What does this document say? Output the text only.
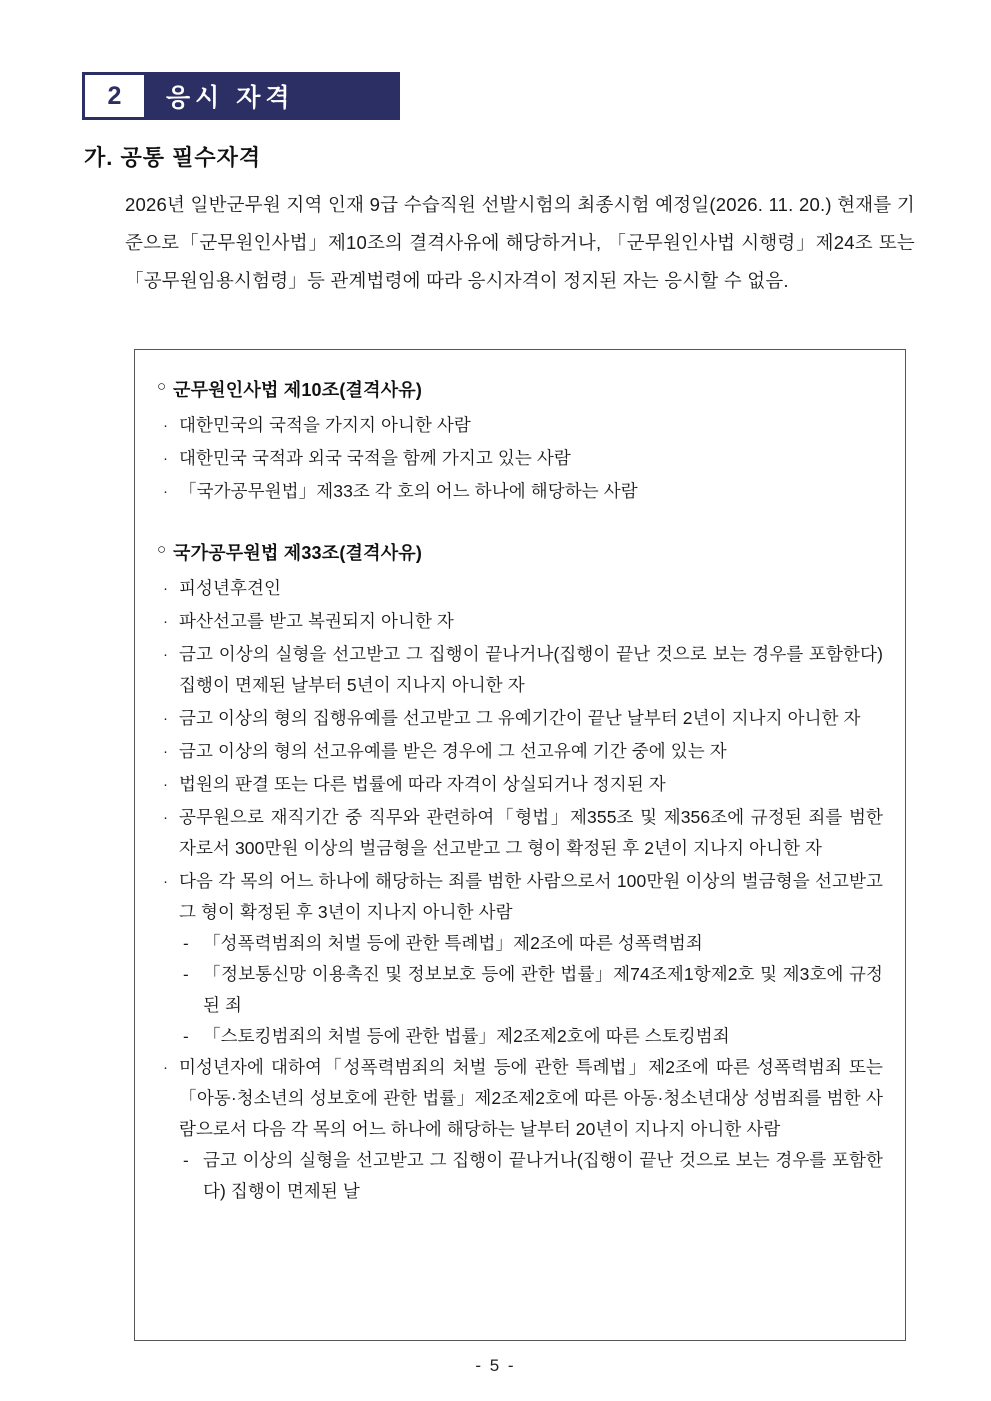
2 응시 자격
가. 공통 필수자격

2026년 일반군무원 지역 인재 9급 수습직원 선발시험의 최종시험 예정일(2026. 11. 20.) 현재를 기준으로「군무원인사법」제10조의 결격사유에 해당하거나, 「군무원인사법 시행령」제24조 또는「공무원임용시험령」등 관계법령에 따라 응시자격이 정지된 자는 응시할 수 없음.

○ 군무원인사법 제10조(결격사유)
· 대한민국의 국적을 가지지 아니한 사람
· 대한민국 국적과 외국 국적을 함께 가지고 있는 사람
· 「국가공무원법」제33조 각 호의 어느 하나에 해당하는 사람
○ 국가공무원법 제33조(결격사유)
· 피성년후견인
· 파산선고를 받고 복권되지 아니한 자
· 금고 이상의 실형을 선고받고 그 집행이 끝나거나(집행이 끝난 것으로 보는 경우를 포함한다) 집행이 면제된 날부터 5년이 지나지 아니한 자
· 금고 이상의 형의 집행유예를 선고받고 그 유예기간이 끝난 날부터 2년이 지나지 아니한 자
· 금고 이상의 형의 선고유예를 받은 경우에 그 선고유예 기간 중에 있는 자
· 법원의 판결 또는 다른 법률에 따라 자격이 상실되거나 정지된 자
· 공무원으로 재직기간 중 직무와 관련하여「형법」제355조 및 제356조에 규정된 죄를 범한 자로서 300만원 이상의 벌금형을 선고받고 그 형이 확정된 후 2년이 지나지 아니한 자
· 다음 각 목의 어느 하나에 해당하는 죄를 범한 사람으로서 100만원 이상의 벌금형을 선고받고 그 형이 확정된 후 3년이 지나지 아니한 사람
- 「성폭력범죄의 처벌 등에 관한 특례법」제2조에 따른 성폭력범죄
- 「정보통신망 이용촉진 및 정보보호 등에 관한 법률」제74조제1항제2호 및 제3호에 규정된 죄
- 「스토킹범죄의 처벌 등에 관한 법률」제2조제2호에 따른 스토킹범죄
· 미성년자에 대하여「성폭력범죄의 처벌 등에 관한 특례법」제2조에 따른 성폭력범죄 또는「아동·청소년의 성보호에 관한 법률」제2조제2호에 따른 아동·청소년대상 성범죄를 범한 사람으로서 다음 각 목의 어느 하나에 해당하는 날부터 20년이 지나지 아니한 사람
- 금고 이상의 실형을 선고받고 그 집행이 끝나거나(집행이 끝난 것으로 보는 경우를 포함한다) 집행이 면제된 날
- 5 -
